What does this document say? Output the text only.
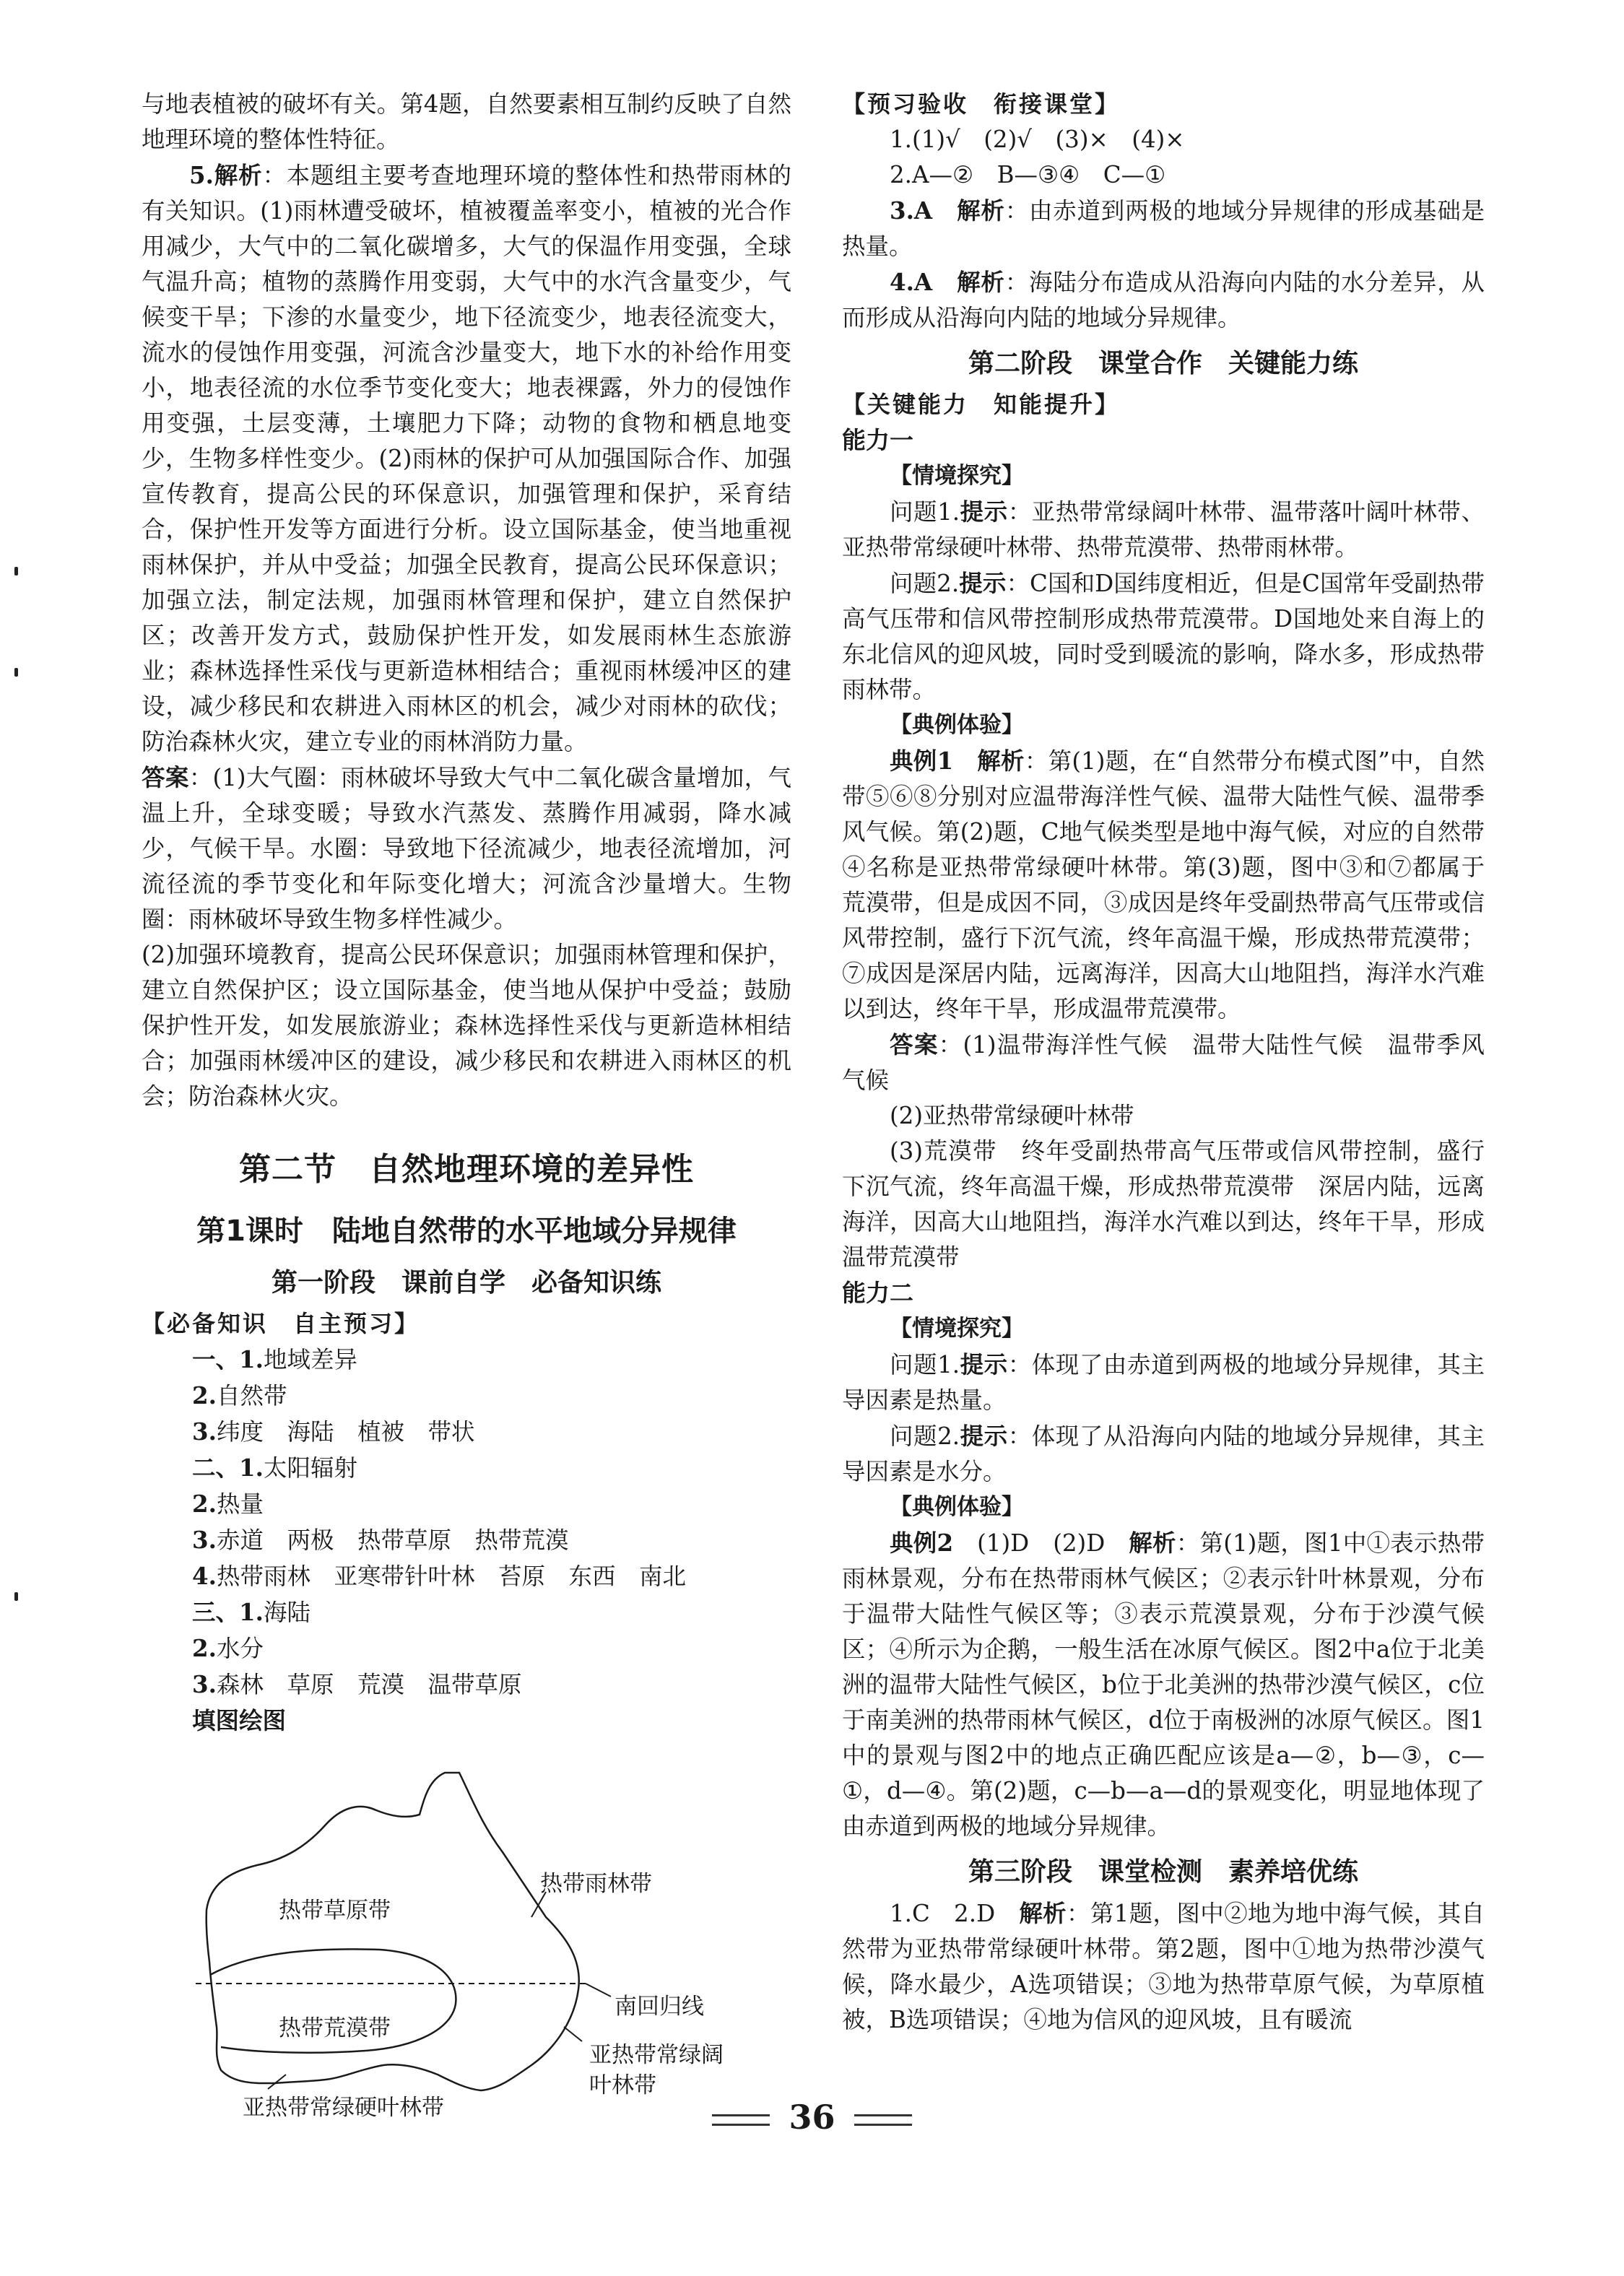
与地表植被的破坏有关。第4题，自然要素相互制约反映了自然地理环境的整体性特征。

5.解析：本题组主要考查地理环境的整体性和热带雨林的有关知识。(1)雨林遭受破坏，植被覆盖率变小，植被的光合作用减少，大气中的二氧化碳增多，大气的保温作用变强，全球气温升高；植物的蒸腾作用变弱，大气中的水汽含量变少，气候变干旱；下渗的水量变少，地下径流变少，地表径流变大，流水的侵蚀作用变强，河流含沙量变大，地下水的补给作用变小，地表径流的水位季节变化变大；地表裸露，外力的侵蚀作用变强，土层变薄，土壤肥力下降；动物的食物和栖息地变少，生物多样性变少。(2)雨林的保护可从加强国际合作、加强宣传教育，提高公民的环保意识，加强管理和保护，采育结合，保护性开发等方面进行分析。设立国际基金，使当地重视雨林保护，并从中受益；加强全民教育，提高公民环保意识；加强立法，制定法规，加强雨林管理和保护，建立自然保护区；改善开发方式，鼓励保护性开发，如发展雨林生态旅游业；森林选择性采伐与更新造林相结合；重视雨林缓冲区的建设，减少移民和农耕进入雨林区的机会，减少对雨林的砍伐；防治森林火灾，建立专业的雨林消防力量。

答案：(1)大气圈：雨林破坏导致大气中二氧化碳含量增加，气温上升，全球变暖；导致水汽蒸发、蒸腾作用减弱，降水减少，气候干旱。水圈：导致地下径流减少，地表径流增加，河流径流的季节变化和年际变化增大；河流含沙量增大。生物圈：雨林破坏导致生物多样性减少。

(2)加强环境教育，提高公民环保意识；加强雨林管理和保护，建立自然保护区；设立国际基金，使当地从保护中受益；鼓励保护性开发，如发展旅游业；森林选择性采伐与更新造林相结合；加强雨林缓冲区的建设，减少移民和农耕进入雨林区的机会；防治森林火灾。

第二节　自然地理环境的差异性
第1课时　陆地自然带的水平地域分异规律
第一阶段　课前自学　必备知识练
【必备知识　自主预习】

一、1.地域差异

2.自然带

3.纬度　海陆　植被　带状

二、1.太阳辐射

2.热量

3.赤道　两极　热带草原　热带荒漠

4.热带雨林　亚寒带针叶林　苔原　东西　南北

三、1.海陆

2.水分

3.森林　草原　荒漠　温带草原

填图绘图

热带草原带
热带雨林带
南回归线
热带荒漠带
亚热带常绿阔叶林带
亚热带常绿硬叶林带
【预习验收　衔接课堂】

1.(1)√　(2)√　(3)×　(4)×

2.A—②　B—③④　C—①

3.A　 解析：由赤道到两极的地域分异规律的形成基础是热量。

4.A　 解析：海陆分布造成从沿海向内陆的水分差异，从而形成从沿海向内陆的地域分异规律。

第二阶段　课堂合作　关键能力练
【关键能力　知能提升】
能力一
【情境探究】

问题1.提示：亚热带常绿阔叶林带、温带落叶阔叶林带、亚热带常绿硬叶林带、热带荒漠带、热带雨林带。

问题2.提示：C国和D国纬度相近，但是C国常年受副热带高气压带和信风带控制形成热带荒漠带。D国地处来自海上的东北信风的迎风坡，同时受到暖流的影响，降水多，形成热带雨林带。

【典例体验】

典例1　 解析：第(1)题，在“自然带分布模式图”中，自然带⑤⑥⑧分别对应温带海洋性气候、温带大陆性气候、温带季风气候。第(2)题，C地气候类型是地中海气候，对应的自然带④名称是亚热带常绿硬叶林带。第(3)题，图中③和⑦都属于荒漠带，但是成因不同，③成因是终年受副热带高气压带或信风带控制，盛行下沉气流，终年高温干燥，形成热带荒漠带；⑦成因是深居内陆，远离海洋，因高大山地阻挡，海洋水汽难以到达，终年干旱，形成温带荒漠带。

答案：(1)温带海洋性气候　温带大陆性气候　温带季风气候

(2)亚热带常绿硬叶林带

(3)荒漠带　终年受副热带高气压带或信风带控制，盛行下沉气流，终年高温干燥，形成热带荒漠带　深居内陆，远离海洋，因高大山地阻挡，海洋水汽难以到达，终年干旱，形成温带荒漠带

能力二
【情境探究】

问题1.提示：体现了由赤道到两极的地域分异规律，其主导因素是热量。

问题2.提示：体现了从沿海向内陆的地域分异规律，其主导因素是水分。

【典例体验】

典例2　(1)D　(2)D　解析：第(1)题，图1中①表示热带雨林景观，分布在热带雨林气候区；②表示针叶林景观，分布于温带大陆性气候区等；③表示荒漠景观，分布于沙漠气候区；④所示为企鹅，一般生活在冰原气候区。图2中a位于北美洲的温带大陆性气候区，b位于北美洲的热带沙漠气候区，c位于南美洲的热带雨林气候区，d位于南极洲的冰原气候区。图1中的景观与图2中的地点正确匹配应该是a—②，b—③，c—①，d—④。第(2)题，c—b—a—d的景观变化，明显地体现了由赤道到两极的地域分异规律。

第三阶段　课堂检测　素养培优练

1.C　2.D　解析：第1题，图中②地为地中海气候，其自然带为亚热带常绿硬叶林带。第2题，图中①地为热带沙漠气候，降水最少，A选项错误；③地为热带草原气候，为草原植被，B选项错误；④地为信风的迎风坡，且有暖流

36
